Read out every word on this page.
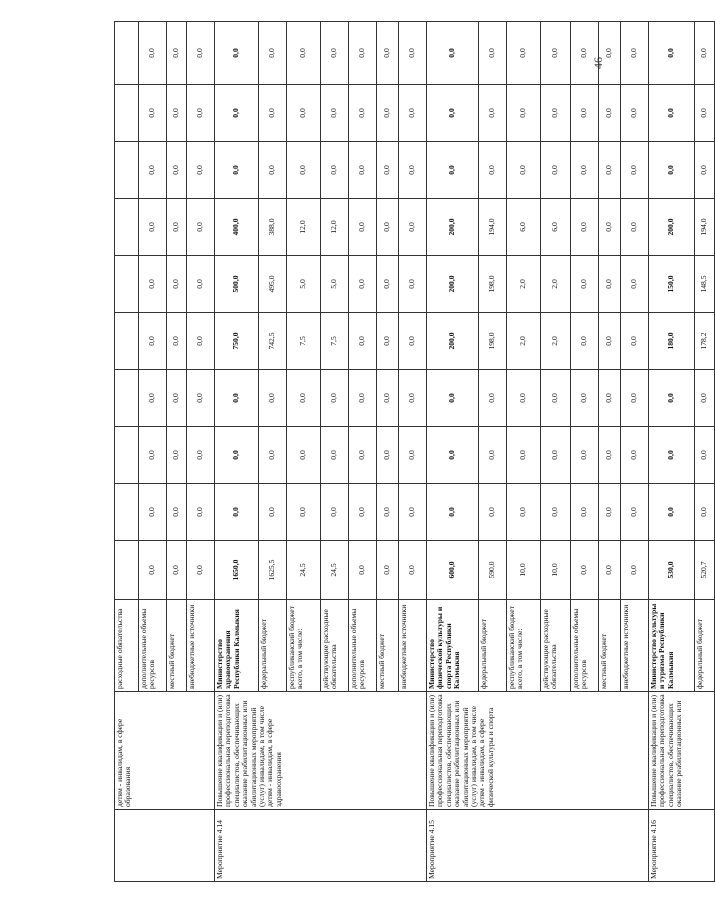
46
	детям - инвалидам, в сфере образования	расходные обязательства										
		дополнительные объемы ресурсов	0,0	0,0	0,0	0,0	0,0	0,0	0,0	0,0	0,0	0,0
		местный бюджет	0,0	0,0	0,0	0,0	0,0	0,0	0,0	0,0	0,0	0,0
		внебюджетные источники	0,0	0,0	0,0	0,0	0,0	0,0	0,0	0,0	0,0	0,0
Мероприятие 4.14	Повышение квалификации и (или) профессиональная переподготовка специалистов, обеспечивающих оказание реабилитационных или абилитационных мероприятий (услуг) инвалидам, в том числе детям - инвалидам, в сфере здравоохранения	Министерство здравоохранения Республики Калмыкия	1650,0	0,0	0,0	0,0	750,0	500,0	400,0	0,0	0,0	0,0
		федеральный бюджет	1625,5	0,0	0,0	0,0	742,5	495,0	388,0	0,0	0,0	0,0
		республиканский бюджет всего, в том числе:	24,5	0,0	0,0	0,0	7,5	5,0	12,0	0,0	0,0	0,0
		действующие расходные обязательства	24,5	0,0	0,0	0,0	7,5	5,0	12,0	0,0	0,0	0,0
		дополнительные объемы ресурсов	0,0	0,0	0,0	0,0	0,0	0,0	0,0	0,0	0,0	0,0
		местный бюджет	0,0	0,0	0,0	0,0	0,0	0,0	0,0	0,0	0,0	0,0
		внебюджетные источники	0,0	0,0	0,0	0,0	0,0	0,0	0,0	0,0	0,0	0,0
Мероприятие 4.15	Повышение квалификации и (или) профессиональная переподготовка специалистов, обеспечивающих оказание реабилитационных или абилитационных мероприятий (услуг) инвалидам, в том числе детям - инвалидам, в сфере физической культуры и спорта	Министерство физической культуры и спорта Республики Калмыкия	600,0	0,0	0,0	0,0	200,0	200,0	200,0	0,0	0,0	0,0
		федеральный бюджет	590,0	0,0	0,0	0,0	198,0	198,0	194,0	0,0	0,0	0,0
		республиканский бюджет всего, в том числе:	10,0	0,0	0,0	0,0	2,0	2,0	6,0	0,0	0,0	0,0
		действующие расходные обязательства	10,0	0,0	0,0	0,0	2,0	2,0	6,0	0,0	0,0	0,0
		дополнительные объемы ресурсов	0,0	0,0	0,0	0,0	0,0	0,0	0,0	0,0	0,0	0,0
		местный бюджет	0,0	0,0	0,0	0,0	0,0	0,0	0,0	0,0	0,0	0,0
		внебюджетные источники	0,0	0,0	0,0	0,0	0,0	0,0	0,0	0,0	0,0	0,0
Мероприятие 4.16	Повышение квалификации и (или) профессиональная переподготовка специалистов, обеспечивающих оказание реабилитационных или	Министерство культуры и туризма Республики Калмыкия	530,0	0,0	0,0	0,0	180,0	150,0	200,0	0,0	0,0	0,0
		федеральный бюджет	520,7	0,0	0,0	0,0	178,2	148,5	194,0	0,0	0,0	0,0
